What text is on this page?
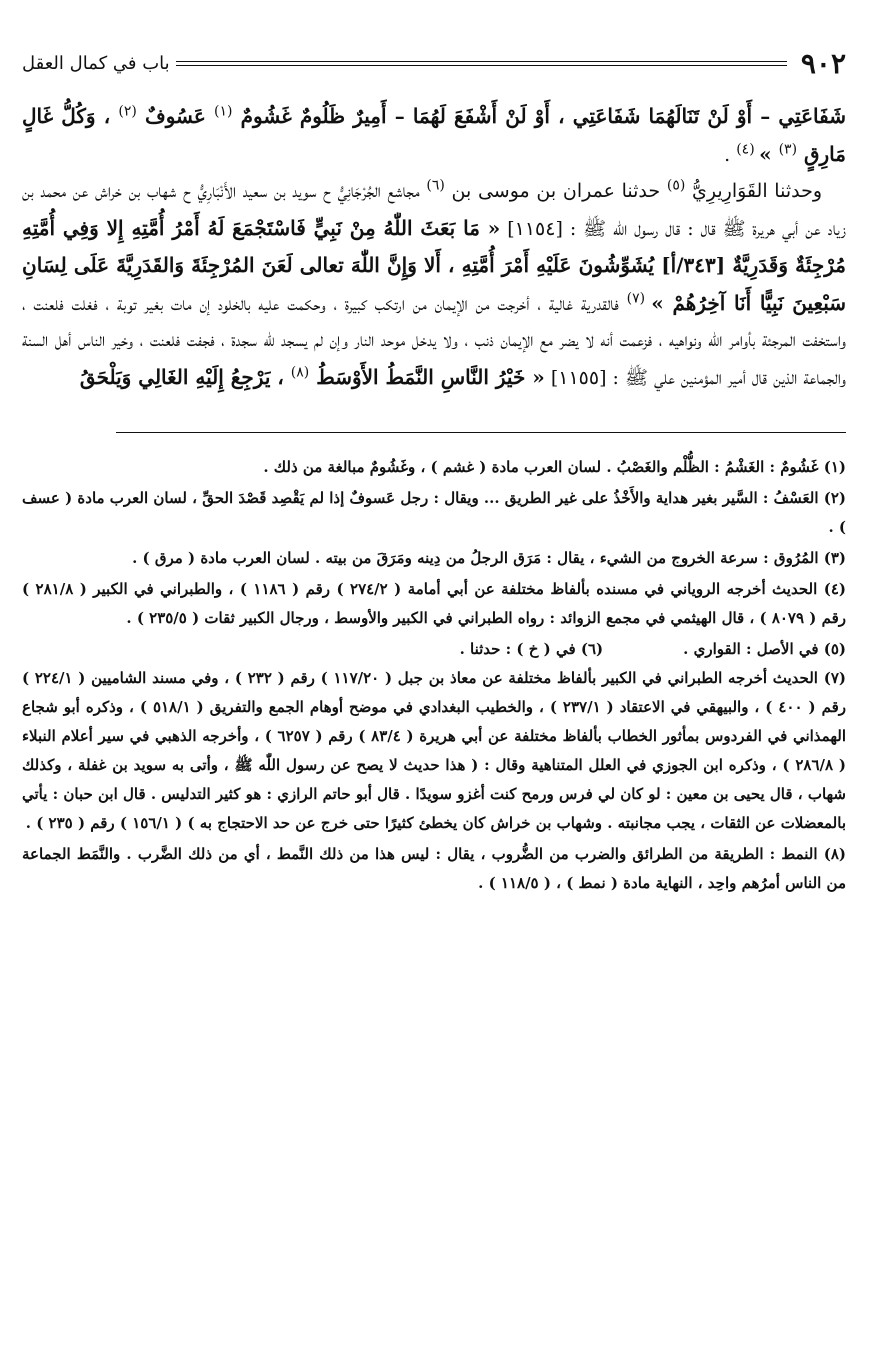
٩٠٢
باب في كمال العقل

شَفَاعَتِي – أَوْ لَنْ تَنَالَهُمَا شَفَاعَتِي ، أَوْ لَنْ أَشْفَعَ لَهُمَا – أَمِيرٌ ظَلُومٌ غَشُومٌ $^{(١)}$ عَسُوفٌ $^{(٢)}$ ، وَكُلُّ غَالٍ مَارِقٍ $^{(٣)}$ » $^{(٤)}$ .

وحدثنا القَوَارِيرِيُّ $^{(٥)}$ حدثنا عمران بن موسى بن $^{(٦)}$ مجاشع الجُرْجَانِيُّ ح سويد بن سعيد الأَنْبَارِيُّ ح شهاب بن خراش عن محمد بن زياد عن أبي هريرة ﷺ قال : قال رسول اللّٰه ﷺ : [١١٥٤] « مَا بَعَثَ اللّٰهُ مِنْ نَبِيٍّ فَاسْتَجْمَعَ لَهُ أَمْرُ أُمَّتِهِ إِلا وَفِي أُمَّتِهِ مُرْجِئَةٌ وَقَدَرِيَّةٌ [٣٤٣/أ] يُشَوِّشُونَ عَلَيْهِ أَمْرَ أُمَّتِهِ ، أَلا وَإِنَّ اللّٰهَ تعالى لَعَنَ المُرْجِئَةَ وَالقَدَرِيَّةَ عَلَى لِسَانِ سَبْعِينَ نَبِيًّا أَنَا آخِرُهُمْ » $^{(٧)}$ فالقدرية غالية ، أخرجت من الإيمان من ارتكب كبيرة ، وحكمت عليه بالخلود إن مات بغير توبة ، فغلت فلعنت ، واستخفت المرجئة بأوامر اللّٰه ونواهيه ، فزعمت أنه لا يضر مع الإيمان ذنب ، ولا يدخل موحد النار وإن لم يسجد للّٰه سجدة ، فجفت فلعنت ، وخير الناس أهل السنة والجماعة الذين قال أمير المؤمنين علي ﷺ : [١١٥٥] « خَيْرُ النَّاسِ النَّمَطُ الأَوْسَطُ $^{(٨)}$ ، يَرْجِعُ إِلَيْهِ الغَالِي وَيَلْحَقُ

(١) غَشُومٌ : الغَشْمُ : الظُّلْم والغَصْبُ . لسان العرب مادة ( غشم ) ، وغَشُومٌ مبالغة من ذلك .

(٢) العَسْفُ : السَّير بغير هداية والأَخْذُ على غير الطريق ... ويقال : رجل عَسوفٌ إذا لم يَقْصِد قَصْدَ الحقِّ ، لسان العرب مادة ( عسف ) .

(٣) المُرُوق : سرعة الخروج من الشيء ، يقال : مَرَق الرجلُ من دِينه ومَرَقَ من بيته . لسان العرب مادة ( مرق ) .

(٤) الحديث أخرجه الروياني في مسنده بألفاظ مختلفة عن أبي أمامة ( ٢٧٤/٢ ) رقم ( ١١٨٦ ) ، والطبراني في الكبير ( ٢٨١/٨ ) رقم ( ٨٠٧٩ ) ، قال الهيثمي في مجمع الزوائد : رواه الطبراني في الكبير والأوسط ، ورجال الكبير ثقات ( ٢٣٥/٥ ) .

(٥) في الأصل : القواري .
(٦) في ( خ ) : حدثنا .

(٧) الحديث أخرجه الطبراني في الكبير بألفاظ مختلفة عن معاذ بن جبل ( ١١٧/٢٠ ) رقم ( ٢٣٢ ) ، وفي مسند الشاميين ( ٢٢٤/١ ) رقم ( ٤٠٠ ) ، والبيهقي في الاعتقاد ( ٢٣٧/١ ) ، والخطيب البغدادي في موضح أوهام الجمع والتفريق ( ٥١٨/١ ) ، وذكره أبو شجاع الهمذاني في الفردوس بمأثور الخطاب بألفاظ مختلفة عن أبي هريرة ( ٨٣/٤ ) رقم ( ٦٢٥٧ ) ، وأخرجه الذهبي في سير أعلام النبلاء ( ٢٨٦/٨ ) ، وذكره ابن الجوزي في العلل المتناهية وقال : ( هذا حديث لا يصح عن رسول اللّٰه ﷺ ، وأتى به سويد بن غفلة ، وكذلك شهاب ، قال يحيى بن معين : لو كان لي فرس ورمح كنت أغزو سويدًا . قال أبو حاتم الرازي : هو كثير التدليس . قال ابن حبان : يأتي بالمعضلات عن الثقات ، يجب مجانبته . وشهاب بن خراش كان يخطئ كثيرًا حتى خرج عن حد الاحتجاج به ) ( ١٥٦/١ ) رقم ( ٢٣٥ ) .

(٨) النمط : الطريقة من الطرائق والضرب من الضُّروب ، يقال : ليس هذا من ذلك النَّمط ، أي من ذلك الضَّرب . والنَّمَط الجماعة من الناس أمرُهم واحِد ، النهاية مادة ( نمط ) ، ( ١١٨/٥ ) .
